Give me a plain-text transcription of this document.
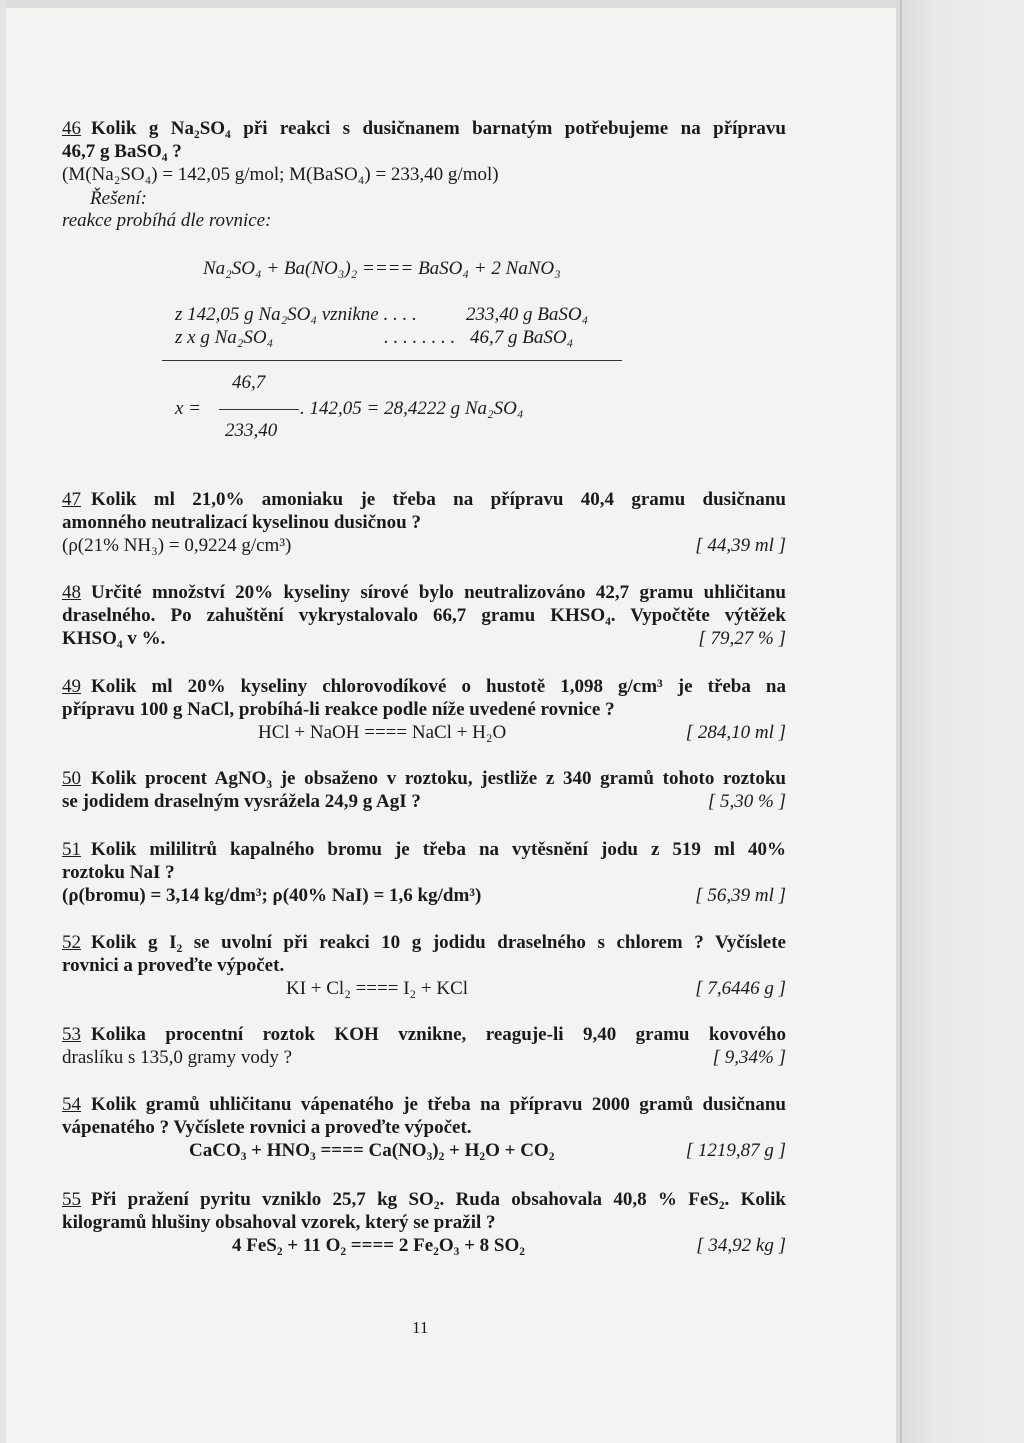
46 Kolik g Na₂SO₄ při reakci s dusičnanem barnatým potřebujeme na přípravu
46,7 g BaSO₄ ?
(M(Na₂SO₄) = 142,05 g/mol; M(BaSO₄) = 233,40 g/mol)
Řešení:
reakce probíhá dle rovnice:
Na₂SO₄ + Ba(NO₃)₂ ==== BaSO₄ + 2 NaNO₃
z 142,05 g Na₂SO₄ vznikne . . . .	233,40 g BaSO₄
z x g Na₂SO₄	. . . . . . . . 46,7 g BaSO₄
46,7
x =	. 142,05 = 28,4222 g Na₂SO₄
233,40
47 Kolik ml 21,0% amoniaku je třeba na přípravu 40,4 gramu dusičnanu
amonného neutralizací kyselinou dusičnou ?
(ρ(21% NH₃) = 0,9224 g/cm³)	[ 44,39 ml ]
48 Určité množství 20% kyseliny sírové bylo neutralizováno 42,7 gramu uhličitanu
draselného. Po zahuštění vykrystalovalo 66,7 gramu KHSO₄. Vypočtěte výtěžek
KHSO₄ v %.	[ 79,27 % ]
49 Kolik ml 20% kyseliny chlorovodíkové o hustotě 1,098 g/cm³ je třeba na
přípravu 100 g NaCl, probíhá-li reakce podle níže uvedené rovnice ?
HCl + NaOH ==== NaCl + H₂O	[ 284,10 ml ]
50 Kolik procent AgNO₃ je obsaženo v roztoku, jestliže z 340 gramů tohoto roztoku
se jodidem draselným vysrážela 24,9 g AgI ?	[ 5,30 % ]
51 Kolik mililitrů kapalného bromu je třeba na vytěsnění jodu z 519 ml 40%
roztoku NaI ?
(ρ(bromu) = 3,14 kg/dm³; ρ(40% NaI) = 1,6 kg/dm³)	[ 56,39 ml ]
52 Kolik g I₂ se uvolní při reakci 10 g jodidu draselného s chlorem ? Vyčíslete
rovnici a proveďte výpočet.
KI + Cl₂ ==== I₂ + KCl	[ 7,6446 g ]
53 Kolika procentní roztok KOH vznikne, reaguje-li 9,40 gramu kovového
draslíku s 135,0 gramy vody ?	[ 9,34% ]
54 Kolik gramů uhličitanu vápenatého je třeba na přípravu 2000 gramů dusičnanu
vápenatého ? Vyčíslete rovnici a proveďte výpočet.
CaCO₃ + HNO₃ ==== Ca(NO₃)₂ + H₂O + CO₂	[ 1219,87 g ]
55 Při pražení pyritu vzniklo 25,7 kg SO₂. Ruda obsahovala 40,8 % FeS₂. Kolik
kilogramů hlušiny obsahoval vzorek, který se pražil ?
4 FeS₂ + 11 O₂ ==== 2 Fe₂O₃ + 8 SO₂	[ 34,92 kg ]
11
